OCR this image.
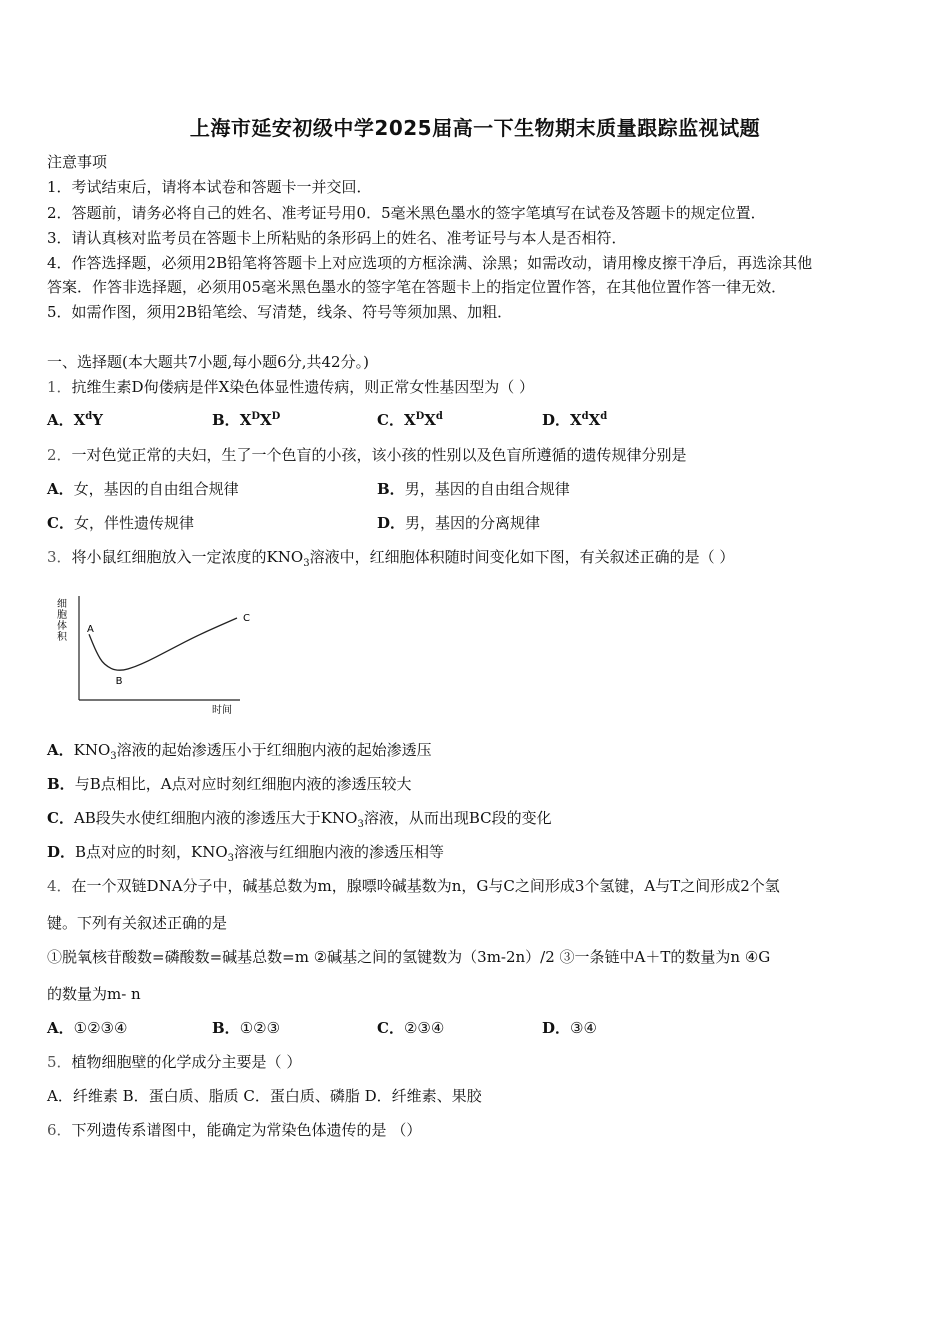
上海市延安初级中学2025届高一下生物期末质量跟踪监视试题
注意事项
1．考试结束后，请将本试卷和答题卡一并交回．
2．答题前，请务必将自己的姓名、准考证号用0．5毫米黑色墨水的签字笔填写在试卷及答题卡的规定位置．
3．请认真核对监考员在答题卡上所粘贴的条形码上的姓名、准考证号与本人是否相符．
4．作答选择题，必须用2B铅笔将答题卡上对应选项的方框涂满、涂黑；如需改动，请用橡皮擦干净后，再选涂其他
答案．作答非选择题，必须用05毫米黑色墨水的签字笔在答题卡上的指定位置作答，在其他位置作答一律无效．
5．如需作图，须用2B铅笔绘、写清楚，线条、符号等须加黑、加粗．
一、选择题(本大题共7小题,每小题6分,共42分。)
1．抗维生素D佝偻病是伴X染色体显性遗传病，则正常女性基因型为（ ）
A．$X^dY$	B．$X^DX^D$	C．$X^DX^d$	D．$X^dX^d$
2．一对色觉正常的夫妇，生了一个色盲的小孩，该小孩的性别以及色盲所遵循的遗传规律分别是
A．女，基因的自由组合规律	B．男，基因的自由组合规律
C．女，伴性遗传规律	D．男，基因的分离规律
3．将小鼠红细胞放入一定浓度的$KNO_3$溶液中，红细胞体积随时间变化如下图，有关叙述正确的是（ ）
细胞体积
时间
A
B
C
A．$KNO_3$溶液的起始渗透压小于红细胞内液的起始渗透压
B．与B点相比，A点对应时刻红细胞内液的渗透压较大
C．AB段失水使红细胞内液的渗透压大于$KNO_3$溶液，从而出现BC段的变化
D．B点对应的时刻，$KNO_3$溶液与红细胞内液的渗透压相等
4．在一个双链DNA分子中，碱基总数为m，腺嘌呤碱基数为n，G与C之间形成3个氢键，A与T之间形成2个氢
键。下列有关叙述正确的是
①脱氧核苷酸数=磷酸数=碱基总数=m ②碱基之间的氢键数为（3m-2n）/2 ③一条链中A＋T的数量为n ④G
的数量为m- n
A．①②③④	B．①②③	C．②③④	D．③④
5．植物细胞壁的化学成分主要是（ ）
A．纤维素 B．蛋白质、脂质 C．蛋白质、磷脂 D．纤维素、果胶
6．下列遗传系谱图中，能确定为常染色体遗传的是 （）
